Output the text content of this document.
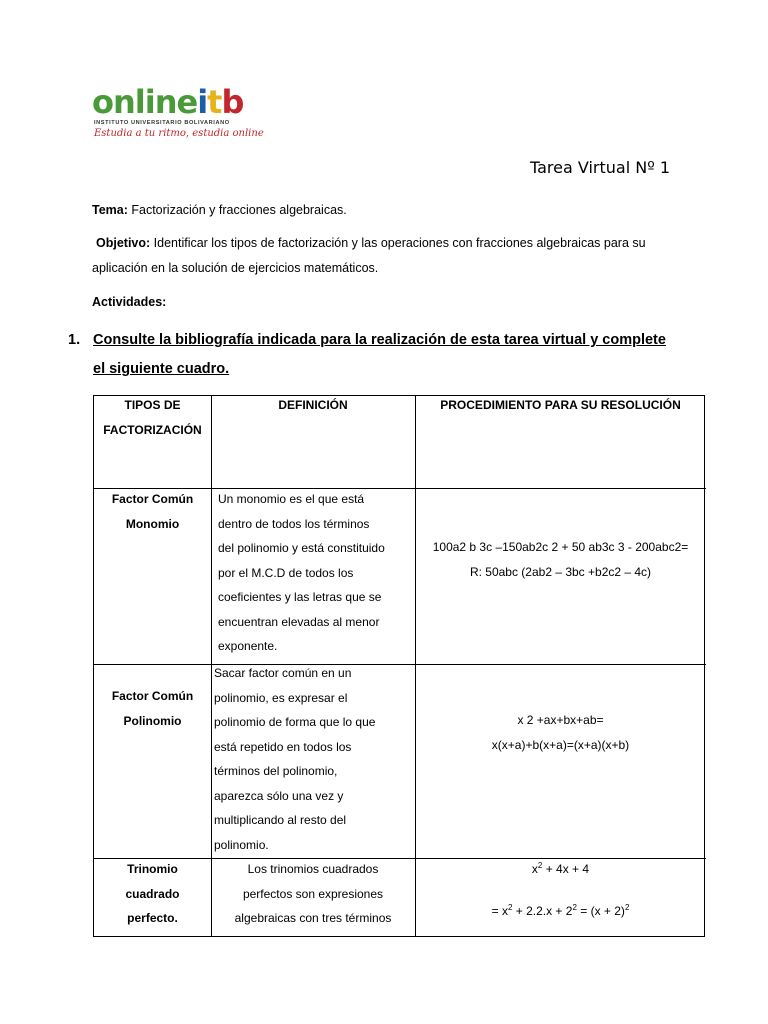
onlineitb
INSTITUTO UNIVERSITARIO BOLIVARIANO
Estudia a tu ritmo, estudia online
Tarea Virtual Nº 1
Tema: Factorización y fracciones algebraicas.
Objetivo: Identificar los tipos de factorización y las operaciones con fracciones algebraicas para su
aplicación en la solución de ejercicios matemáticos.
Actividades:
1. Consulte la bibliografía indicada para la realización de esta tarea virtual y complete
el siguiente cuadro.
TIPOS DE
FACTORIZACIÓN
DEFINICIÓN	PROCEDIMIENTO PARA SU RESOLUCIÓN
Factor Común
Monomio
Un monomio es el que está
dentro de todos los términos
del polinomio y está constituido
por el M.C.D de todos los
coeficientes y las letras que se
encuentran elevadas al menor
exponente.
100a2 b 3c –150ab2c 2 + 50 ab3c 3 - 200abc2=
R: 50abc (2ab2 – 3bc +b2c2 – 4c)
Factor Común
Polinomio
Sacar factor común en un
polinomio, es expresar el
polinomio de forma que lo que
está repetido en todos los
términos del polinomio,
aparezca sólo una vez y
multiplicando al resto del
polinomio.
x 2 +ax+bx+ab=
x(x+a)+b(x+a)=(x+a)(x+b)
Trinomio
cuadrado
perfecto.
Los trinomios cuadrados
perfectos son expresiones
algebraicas con tres términos
$x^2 + 4x + 4$
= $x^2 + 2.2.x + 2^2 = (x + 2)^2$
